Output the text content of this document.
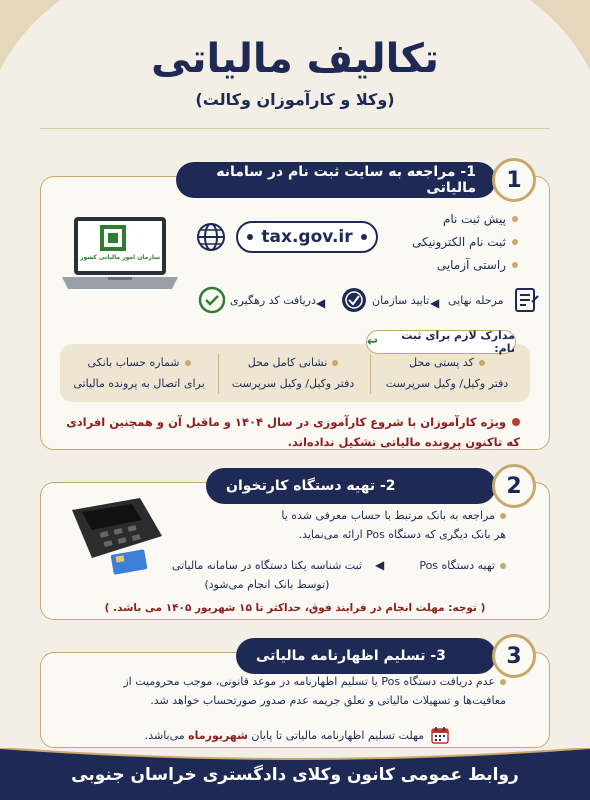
تکالیف مالیاتی
(وکلا و کارآموزان وکالت)
1- مراجعه به سایت ثبت نام در سامانه مالیاتی	1
سازمان امور مالیاتی کشور
tax.gov.ir
پیش ثبت نام
ثبت نام الکترونیکی
راستی آزمایی
مرحله نهایی
◀
تایید سازمان
◀
دریافت کد رهگیری
مدارک لازم برای ثبت نام:
↩
کد پستی محل
دفتر وکیل/ وکیل سرپرست
نشانی کامل محل
دفتر وکیل/ وکیل سرپرست
شماره حساب بانکی
برای اتصال به پرونده مالیاتی
ویژه کارآموزان با شروع کارآموزی در سال ۱۴۰۴ و ماقبل آن و همچنین افرادی که تاکنون پرونده مالیاتی تشکیل نداده‌اند.
2- تهیه دستگاه کارتخوان	2
مراجعه به بانک مرتبط با حساب معرفی شده یا
هر بانک دیگری که دستگاه Pos ارائه می‌نماید.
تهیه دستگاه Pos
◀
ثبت شناسه یکتا دستگاه در سامانه مالیاتی
(توسط بانک انجام می‌شود)
( توجه: مهلت انجام در فرایند فوق، حداکثر تا ۱۵ شهریور ۱۴۰۵ می باشد. )
3- تسلیم اظهارنامه مالیاتی	3
عدم دریافت دستگاه Pos یا تسلیم اظهارنامه در موعد قانونی، موجب محرومیت از
معافیت‌ها و تسهیلات مالیاتی و تعلق جریمه عدم صدور صورتحساب خواهد شد.
مهلت تسلیم اظهارنامه مالیاتی تا پایان شهریورماه می‌باشد.
روابط عمومی کانون وکلای دادگستری خراسان جنوبی
